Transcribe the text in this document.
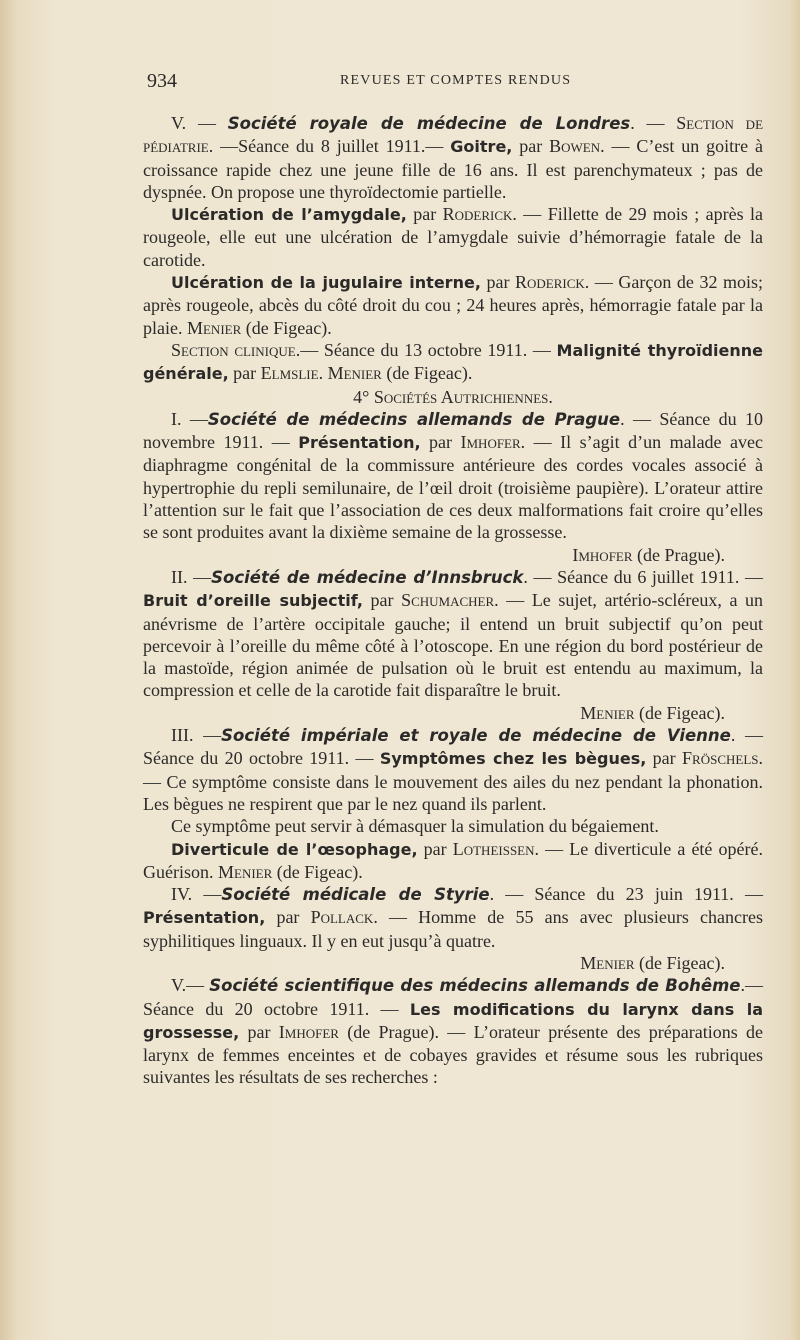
934	REVUES ET COMPTES RENDUS

V. — Société royale de médecine de Londres. — Section de pédiatrie. —Séance du 8 juillet 1911.— Goitre, par Bowen. — C’est un goitre à croissance rapide chez une jeune fille de 16 ans. Il est parenchymateux ; pas de dyspnée. On propose une thyroïdectomie partielle.

Ulcération de l’amygdale, par Roderick. — Fillette de 29 mois ; après la rougeole, elle eut une ulcération de l’amygdale suivie d’hémorragie fatale de la carotide.

Ulcération de la jugulaire interne, par Roderick. — Garçon de 32 mois; après rougeole, abcès du côté droit du cou ; 24 heures après, hémorragie fatale par la plaie. Menier (de Figeac).

Section clinique.— Séance du 13 octobre 1911. — Malignité thyroïdienne générale, par Elmslie. Menier (de Figeac).

4° Sociétés Autrichiennes.

I. —Société de médecins allemands de Prague. — Séance du 10 novembre 1911. — Présentation, par Imhofer. — Il s’agit d’un malade avec diaphragme congénital de la commissure antérieure des cordes vocales associé à hypertrophie du repli semilunaire, de l’œil droit (troisième paupière). L’orateur attire l’attention sur le fait que l’association de ces deux malformations fait croire qu’elles se sont produites avant la dixième semaine de la grossesse.

Imhofer (de Prague).

II. —Société de médecine d’Innsbruck. — Séance du 6 juillet 1911. — Bruit d’oreille subjectif, par Schumacher. — Le sujet, artério-scléreux, a un anévrisme de l’artère occipitale gauche; il entend un bruit subjectif qu’on peut percevoir à l’oreille du même côté à l’otoscope. En une région du bord postérieur de la mastoïde, région animée de pulsation où le bruit est entendu au maximum, la compression et celle de la carotide fait disparaître le bruit.

Menier (de Figeac).

III. —Société impériale et royale de médecine de Vienne. — Séance du 20 octobre 1911. — Symptômes chez les bègues, par Fröschels. — Ce symptôme consiste dans le mouvement des ailes du nez pendant la phonation. Les bègues ne respirent que par le nez quand ils parlent.

Ce symptôme peut servir à démasquer la simulation du bégaiement.

Diverticule de l’œsophage, par Lotheissen. — Le diverticule a été opéré. Guérison. Menier (de Figeac).

IV. —Société médicale de Styrie. — Séance du 23 juin 1911. — Présentation, par Pollack. — Homme de 55 ans avec plusieurs chancres syphilitiques linguaux. Il y en eut jusqu’à quatre.

Menier (de Figeac).

V.— Société scientifique des médecins allemands de Bohême.— Séance du 20 octobre 1911. — Les modifications du larynx dans la grossesse, par Imhofer (de Prague). — L’orateur présente des préparations de larynx de femmes enceintes et de cobayes gravides et résume sous les rubriques suivantes les résultats de ses recherches :
